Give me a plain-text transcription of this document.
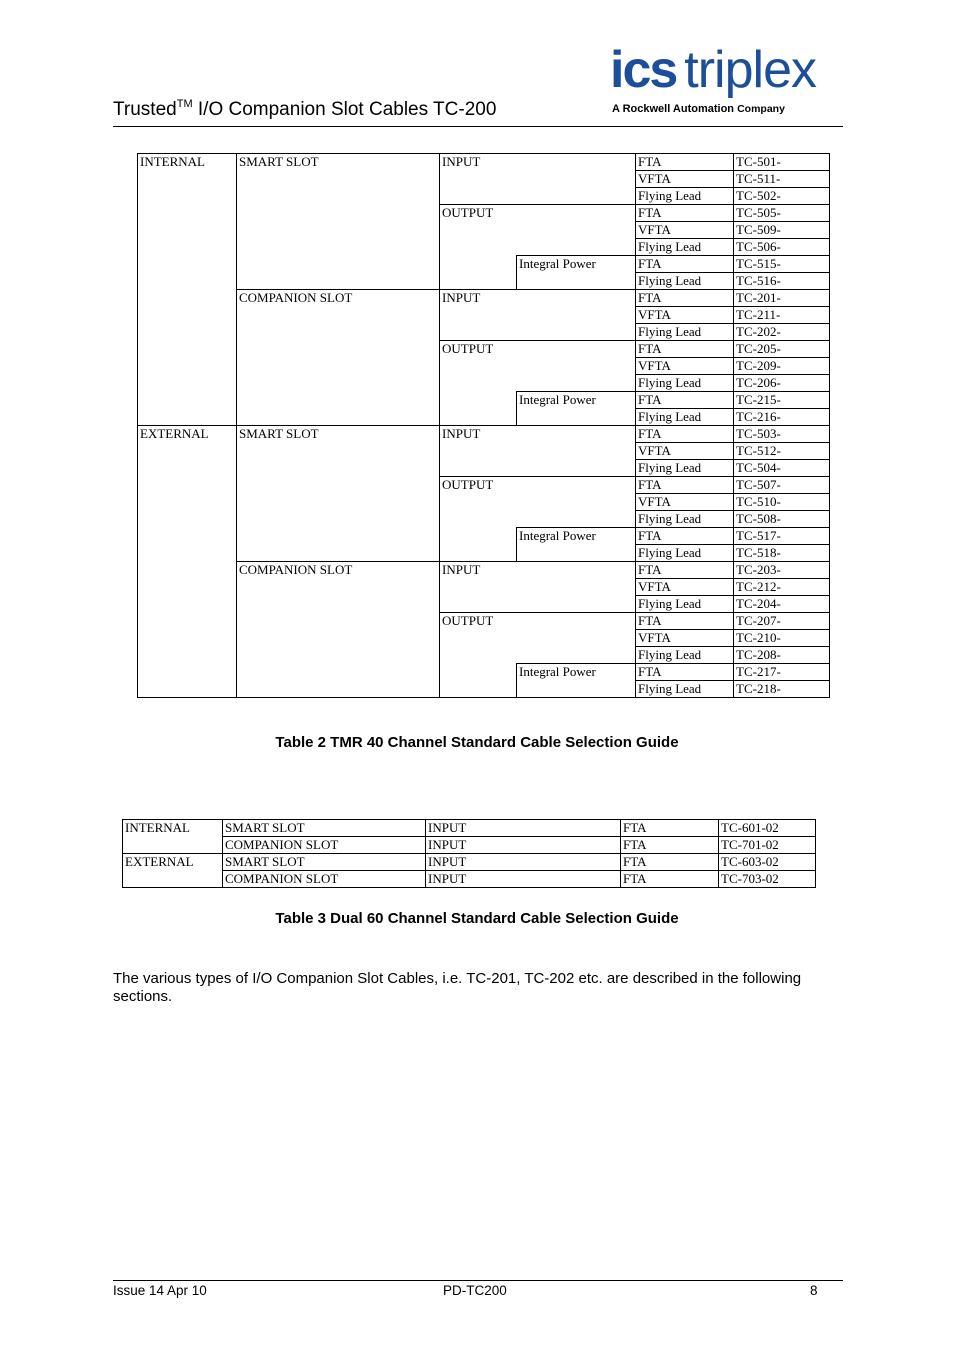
Trusted™ I/O Companion Slot Cables TC-200
ics triplex
A Rockwell Automation Company
INTERNAL	SMART SLOT	INPUT		FTA	TC-501-
				VFTA	TC-511-
				Flying Lead	TC-502-
		OUTPUT		FTA	TC-505-
				VFTA	TC-509-
				Flying Lead	TC-506-
			Integral Power	FTA	TC-515-
				Flying Lead	TC-516-
	COMPANION SLOT	INPUT		FTA	TC-201-
				VFTA	TC-211-
				Flying Lead	TC-202-
		OUTPUT		FTA	TC-205-
				VFTA	TC-209-
				Flying Lead	TC-206-
			Integral Power	FTA	TC-215-
				Flying Lead	TC-216-
EXTERNAL	SMART SLOT	INPUT		FTA	TC-503-
				VFTA	TC-512-
				Flying Lead	TC-504-
		OUTPUT		FTA	TC-507-
				VFTA	TC-510-
				Flying Lead	TC-508-
			Integral Power	FTA	TC-517-
				Flying Lead	TC-518-
	COMPANION SLOT	INPUT		FTA	TC-203-
				VFTA	TC-212-
				Flying Lead	TC-204-
		OUTPUT		FTA	TC-207-
				VFTA	TC-210-
				Flying Lead	TC-208-
			Integral Power	FTA	TC-217-
				Flying Lead	TC-218-
Table 2 TMR 40 Channel Standard Cable Selection Guide
INTERNAL	SMART SLOT	INPUT	FTA	TC-601-02
	COMPANION SLOT	INPUT	FTA	TC-701-02
EXTERNAL	SMART SLOT	INPUT	FTA	TC-603-02
	COMPANION SLOT	INPUT	FTA	TC-703-02
Table 3 Dual 60 Channel Standard Cable Selection Guide
The various types of I/O Companion Slot Cables, i.e. TC-201, TC-202 etc. are described in the following sections.
Issue 14 Apr 10	PD-TC200	8
